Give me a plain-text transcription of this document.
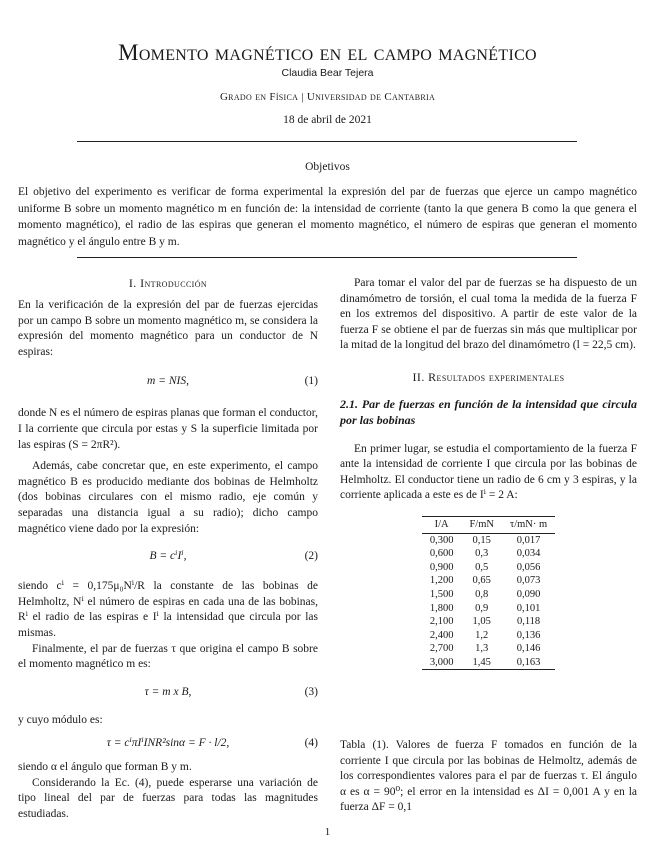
Momento magnético en el campo magnético
Claudia Bear Tejera
Grado en Física | Universidad de Cantabria
18 de abril de 2021
Objetivos
El objetivo del experimento es verificar de forma experimental la expresión del par de fuerzas que ejerce un campo magnético uniforme B sobre un momento magnético m en función de: la intensidad de corriente (tanto la que genera B como la que genera el momento magnético), el radio de las espiras que generan el momento magnético, el número de espiras que generan el momento magnético y el ángulo entre B y m.
I. Introducción

En la verificación de la expresión del par de fuerzas ejercidas por un campo B sobre un momento magnético m, se considera la expresión del momento magnético para un conductor de N espiras:

m = NIS,	(1)

donde N es el número de espiras planas que forman el conductor, I la corriente que circula por estas y S la superficie limitada por las espiras (S = 2πR²).

Además, cabe concretar que, en este experimento, el campo magnético B es producido mediante dos bobinas de Helmholtz (dos bobinas circulares con el mismo radio, eje común y separadas una distancia igual a su radio); dicho campo magnético viene dado por la expresión:

B = cⁱIⁱ,	(2)

siendo cⁱ = 0,175μ₀Nⁱ/R la constante de las bobinas de Helmholtz, Nⁱ el número de espiras en cada una de las bobinas, Rⁱ el radio de las espiras e Iⁱ la intensidad que circula por las mismas.

Finalmente, el par de fuerzas τ que origina el campo B sobre el momento magnético m es:

τ = m x B,	(3)

y cuyo módulo es:

τ = cⁱπIⁱINR²sinα = F · l/2,	(4)

siendo α el ángulo que forman B y m.

Considerando la Ec. (4), puede esperarse una variación de tipo lineal del par de fuerzas para todas las magnitudes estudiadas.

Para tomar el valor del par de fuerzas se ha dispuesto de un dinamómetro de torsión, el cual toma la medida de la fuerza F en los extremos del dispositivo. A partir de este valor de la fuerza F se obtiene el par de fuerzas sin más que multiplicar por la mitad de la longitud del brazo del dinamómetro (l = 22,5 cm).

II. Resultados experimentales
2.1. Par de fuerzas en función de la intensidad que circula por las bobinas

En primer lugar, se estudia el comportamiento de la fuerza F ante la intensidad de corriente I que circula por las bobinas de Helmholtz. El conductor tiene un radio de 6 cm y 3 espiras, y la corriente aplicada a este es de Iⁱ = 2 A:

I/A	F/mN	τ/mN· m
0,300	0,15	0,017
0,600	0,3	0,034
0,900	0,5	0,056
1,200	0,65	0,073
1,500	0,8	0,090
1,800	0,9	0,101
2,100	1,05	0,118
2,400	1,2	0,136
2,700	1,3	0,146
3,000	1,45	0,163
Tabla (1). Valores de fuerza F tomados en función de la corriente I que circula por las bobinas de Helmoltz, además de los correspondientes valores para el par de fuerzas τ. El ángulo α es α = 90⁰; el error en la intensidad es ΔI = 0,001 A y en la fuerza ΔF = 0,1
1
